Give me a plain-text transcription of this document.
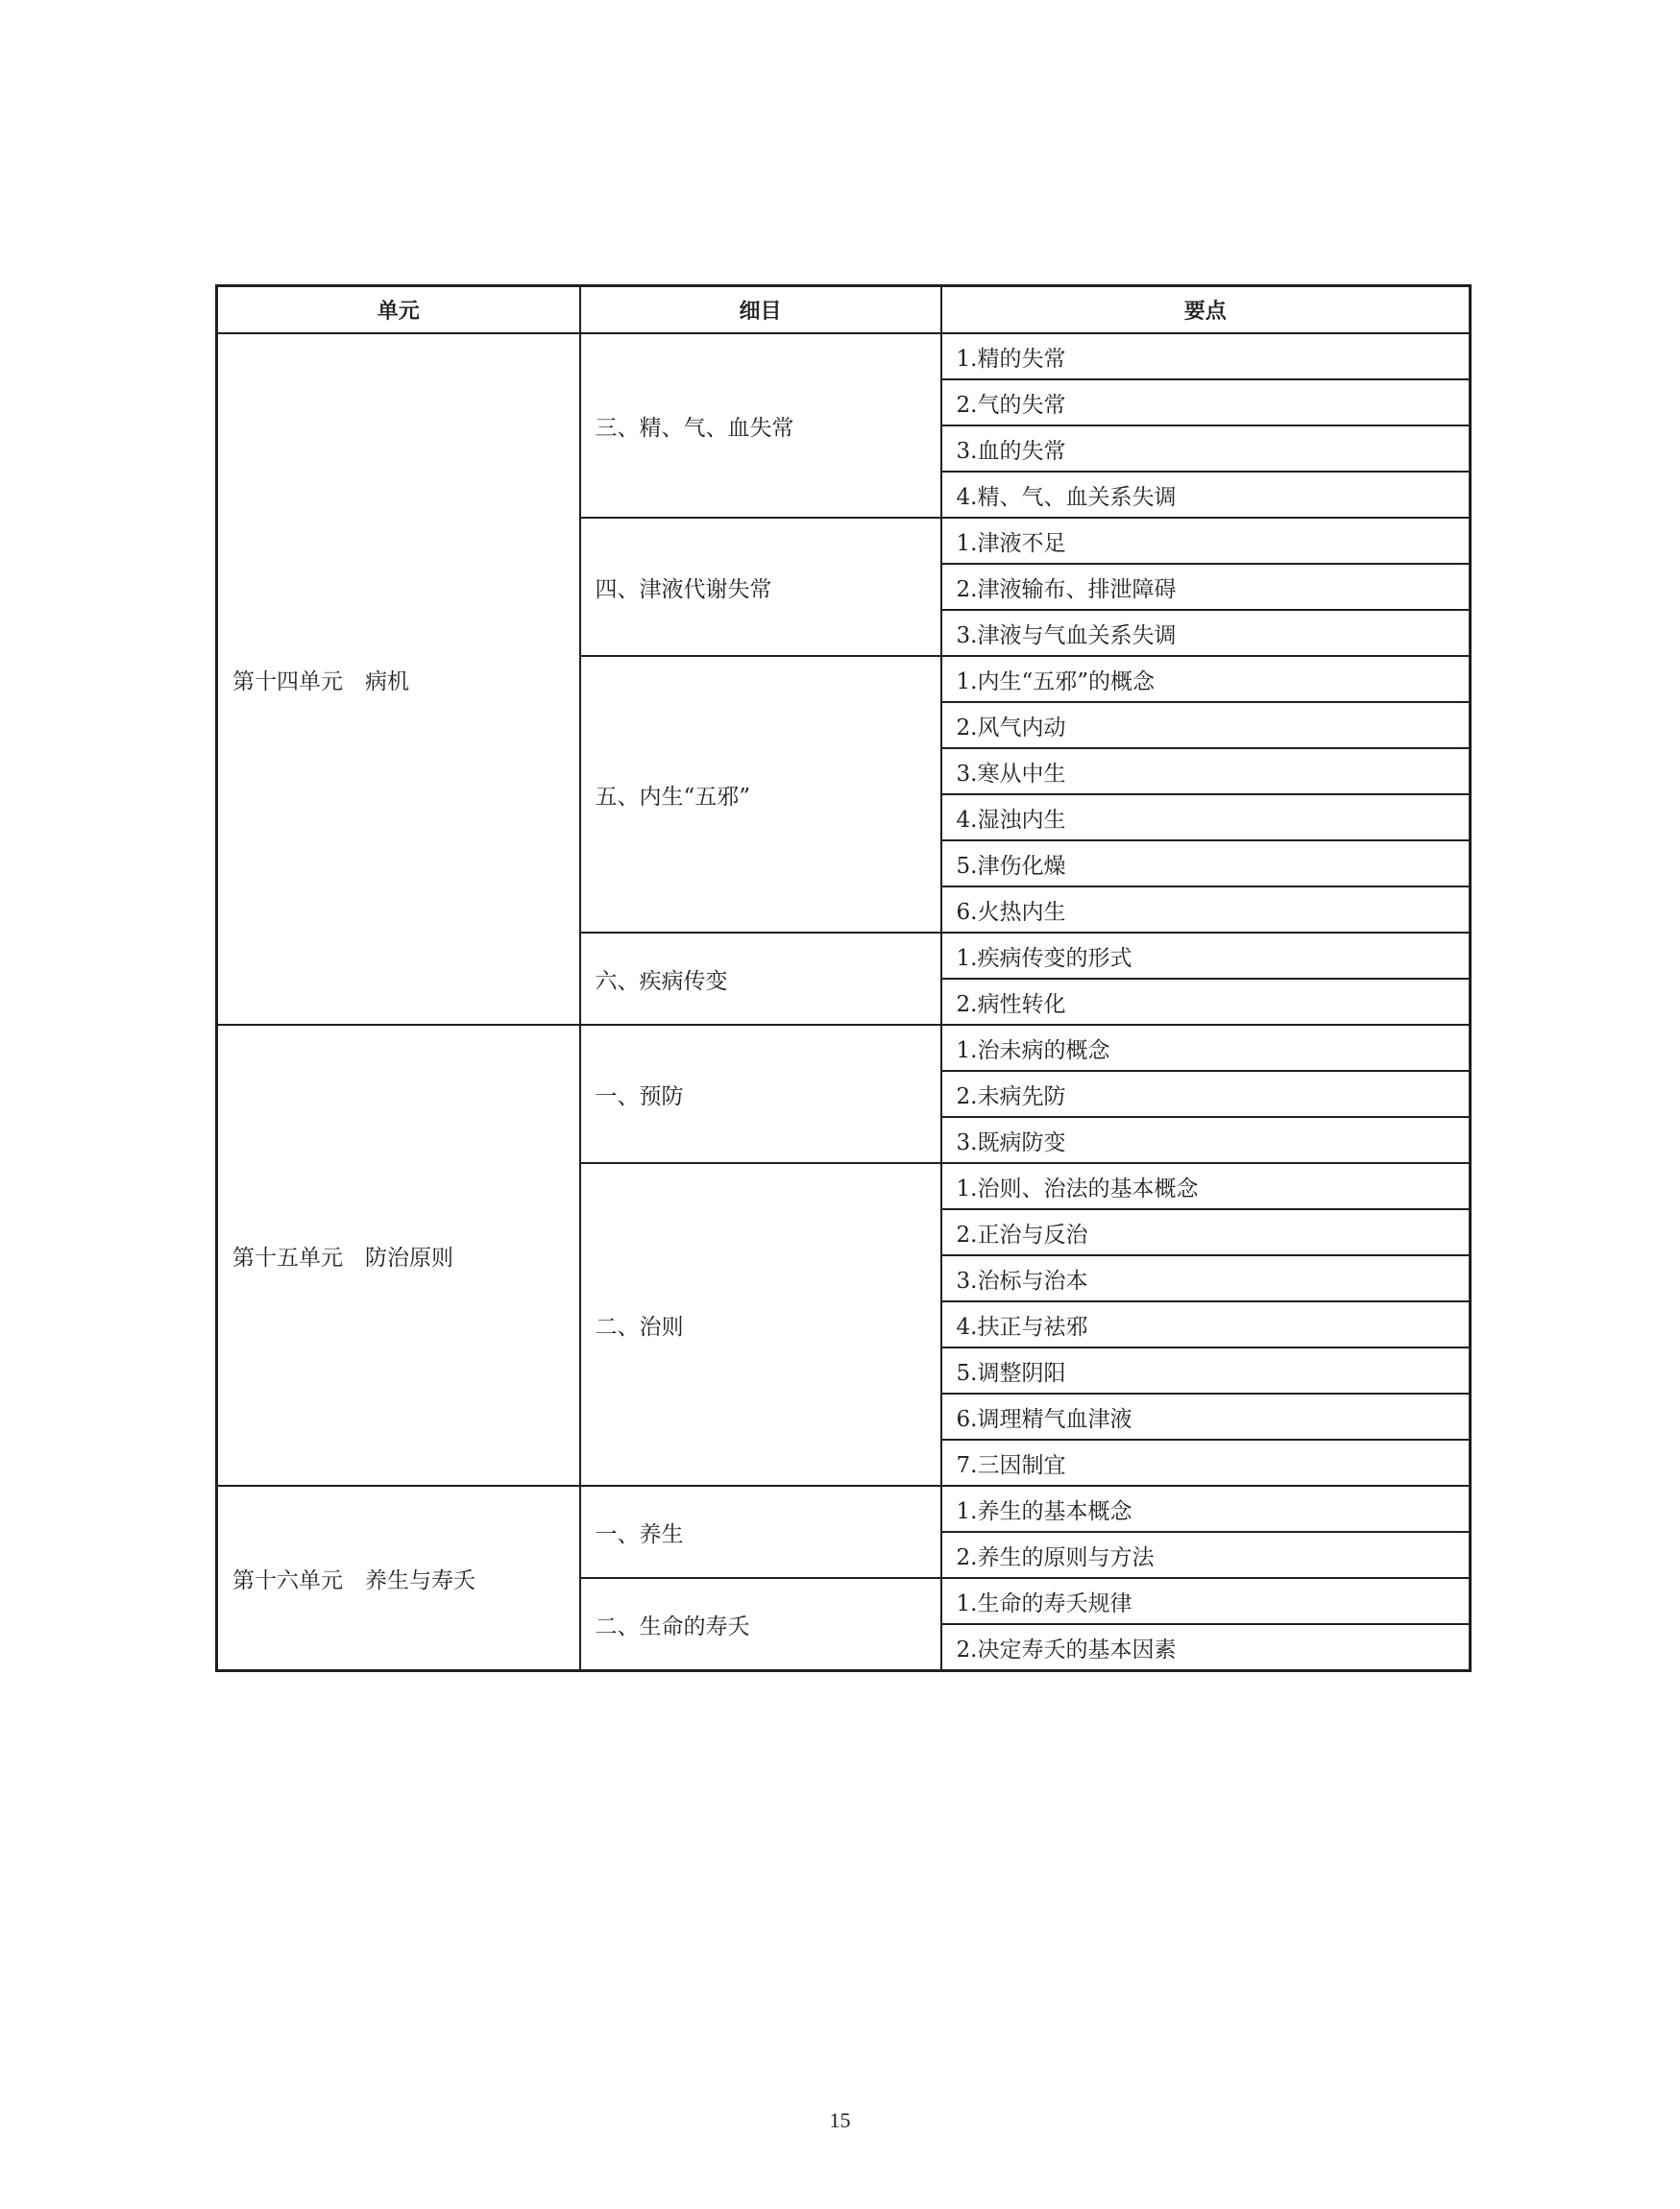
单元	细目	要点
第十四单元　病机	三、精、气、血失常	1.精的失常
		2.气的失常
		3.血的失常
		4.精、气、血关系失调
	四、津液代谢失常	1.津液不足
		2.津液输布、排泄障碍
		3.津液与气血关系失调
	五、内生“五邪”	1.内生“五邪”的概念
		2.风气内动
		3.寒从中生
		4.湿浊内生
		5.津伤化燥
		6.火热内生
	六、疾病传变	1.疾病传变的形式
		2.病性转化
第十五单元　防治原则	一、预防	1.治未病的概念
		2.未病先防
		3.既病防变
	二、治则	1.治则、治法的基本概念
		2.正治与反治
		3.治标与治本
		4.扶正与祛邪
		5.调整阴阳
		6.调理精气血津液
		7.三因制宜
第十六单元　养生与寿夭	一、养生	1.养生的基本概念
		2.养生的原则与方法
	二、生命的寿夭	1.生命的寿夭规律
		2.决定寿夭的基本因素
15
